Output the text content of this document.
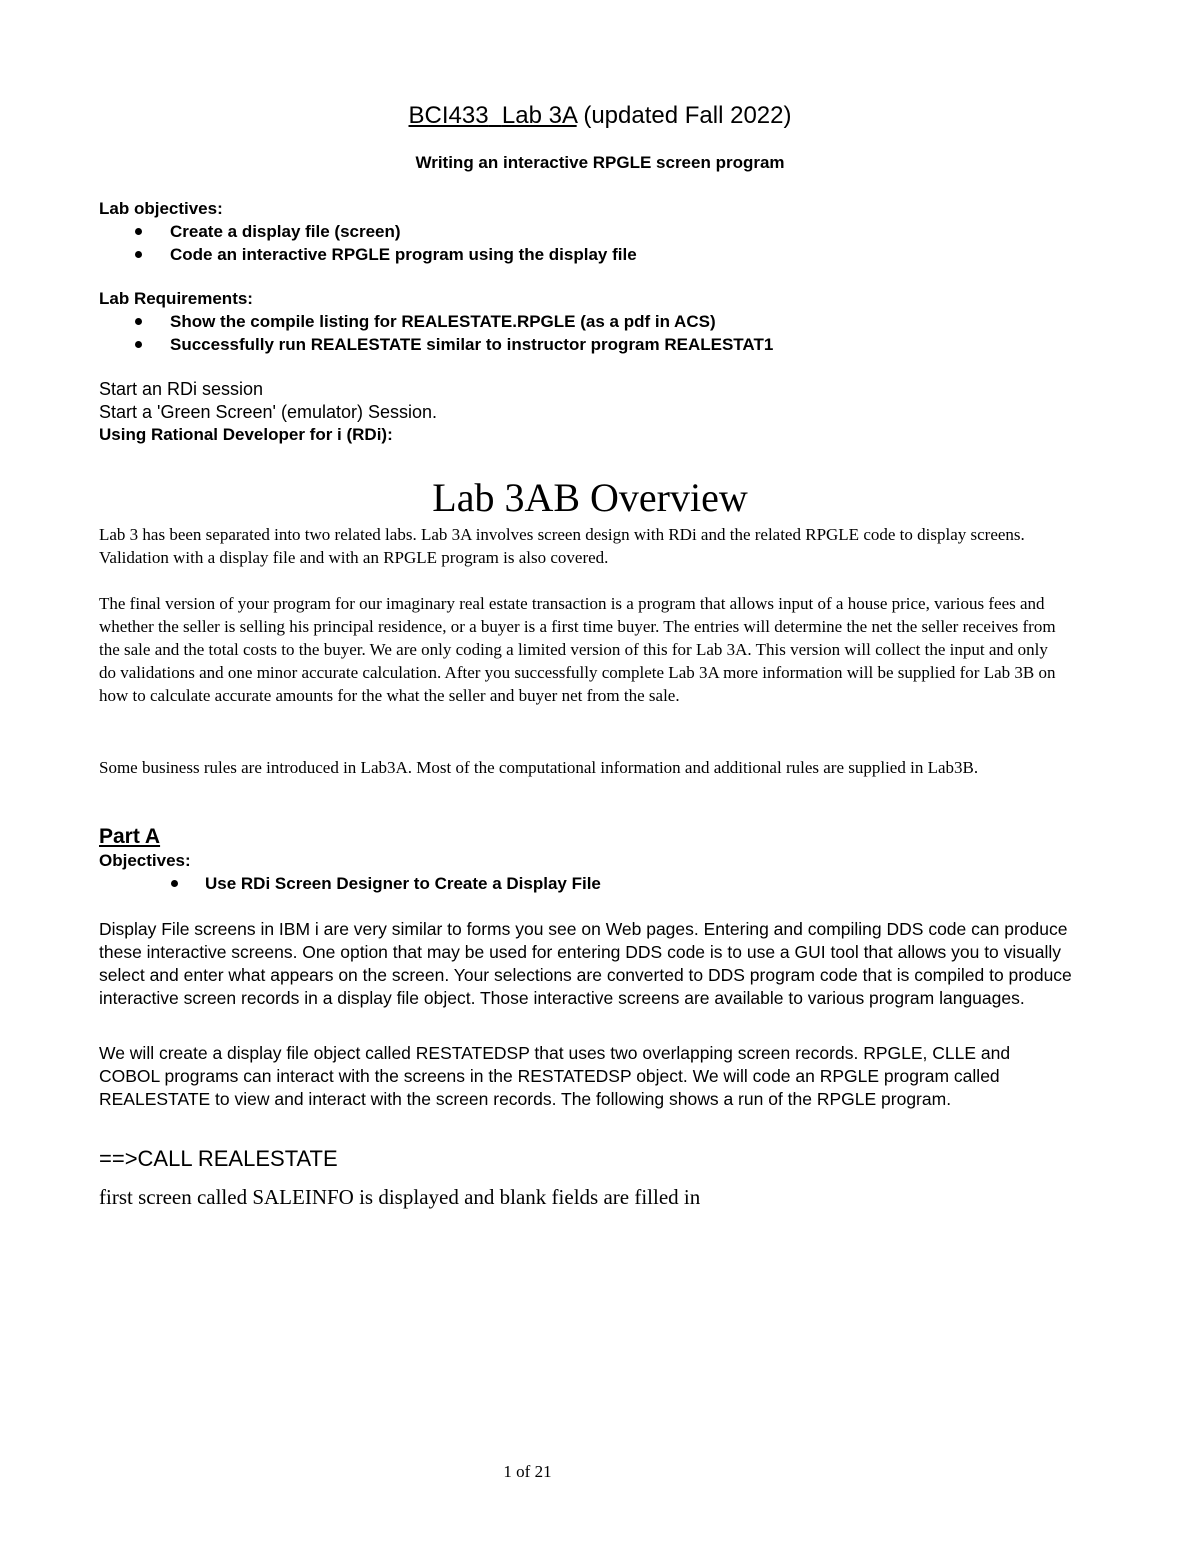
BCI433 Lab 3A (updated Fall 2022)
Writing an interactive RPGLE screen program
Lab objectives:
Create a display file (screen)
Code an interactive RPGLE program using the display file
Lab Requirements:
Show the compile listing for REALESTATE.RPGLE (as a pdf in ACS)
Successfully run REALESTATE similar to instructor program REALESTAT1
Start an RDi session
Start a 'Green Screen' (emulator) Session.
Using Rational Developer for i (RDi):
Lab 3AB Overview

Lab 3 has been separated into two related labs. Lab 3A involves screen design with RDi and the related RPGLE code to display screens. Validation with a display file and with an RPGLE program is also covered.

The final version of your program for our imaginary real estate transaction is a program that allows input of a house price, various fees and whether the seller is selling his principal residence, or a buyer is a first time buyer. The entries will determine the net the seller receives from the sale and the total costs to the buyer. We are only coding a limited version of this for Lab 3A. This version will collect the input and only do validations and one minor accurate calculation. After you successfully complete Lab 3A more information will be supplied for Lab 3B on how to calculate accurate amounts for the what the seller and buyer net from the sale.

Some business rules are introduced in Lab3A. Most of the computational information and additional rules are supplied in Lab3B.

Part A
Objectives:
Use RDi Screen Designer to Create a Display File

Display File screens in IBM i are very similar to forms you see on Web pages. Entering and compiling DDS code can produce these interactive screens. One option that may be used for entering DDS code is to use a GUI tool that allows you to visually select and enter what appears on the screen. Your selections are converted to DDS program code that is compiled to produce interactive screen records in a display file object. Those interactive screens are available to various program languages.

We will create a display file object called RESTATEDSP that uses two overlapping screen records. RPGLE, CLLE and COBOL programs can interact with the screens in the RESTATEDSP object. We will code an RPGLE program called REALESTATE to view and interact with the screen records. The following shows a run of the RPGLE program.

==>CALL REALESTATE
first screen called SALEINFO is displayed and blank fields are filled in
1 of 21
